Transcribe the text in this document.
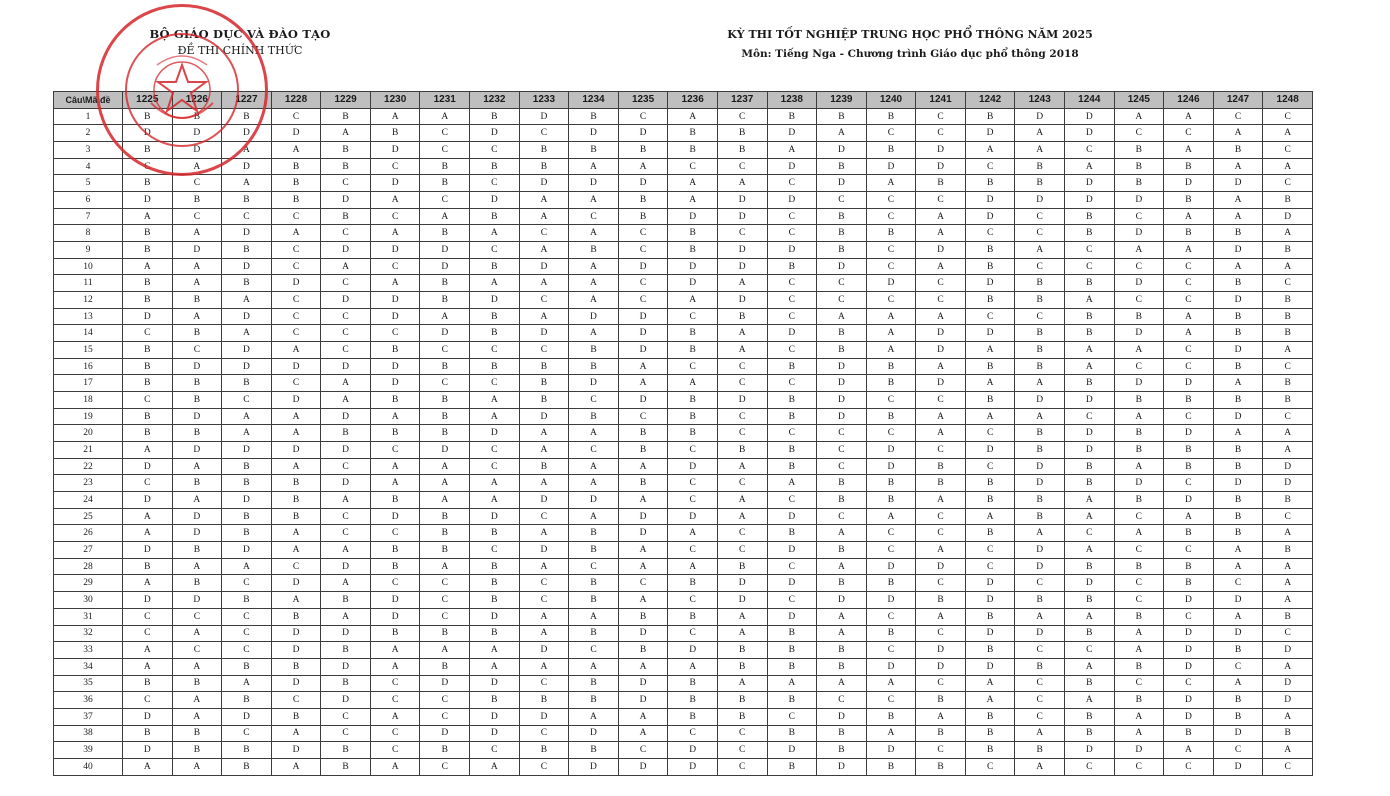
BỘ GIÁO DỤC VÀ ĐÀO TẠO
ĐỀ THI CHÍNH THỨC
KỲ THI TỐT NGHIỆP TRUNG HỌC PHỔ THÔNG NĂM 2025
Môn: Tiếng Nga - Chương trình Giáo dục phổ thông 2018
Câu\Mã đề	1225	1226	1227	1228	1229	1230	1231	1232	1233	1234	1235	1236	1237	1238	1239	1240	1241	1242	1243	1244	1245	1246	1247	1248
1	B	B	B	C	B	A	A	B	D	B	C	A	C	B	B	B	C	B	D	D	A	A	C	C
2	D	D	D	D	A	B	C	D	C	D	D	B	B	D	A	C	C	D	A	D	C	C	A	A
3	B	D	A	A	B	D	C	C	B	B	B	B	B	A	D	B	D	A	A	C	B	A	B	C
4	C	A	D	B	B	C	B	B	B	A	A	C	C	D	B	D	D	C	B	A	B	B	A	A
5	B	C	A	B	C	D	B	C	D	D	D	A	A	C	D	A	B	B	B	D	B	D	D	C
6	D	B	B	B	D	A	C	D	A	A	B	A	D	D	C	C	C	D	D	D	D	B	A	B
7	A	C	C	C	B	C	A	B	A	C	B	D	D	C	B	C	A	D	C	B	C	A	A	D
8	B	A	D	A	C	A	B	A	C	A	C	B	C	C	B	B	A	C	C	B	D	B	B	A
9	B	D	B	C	D	D	D	C	A	B	C	B	D	D	B	C	D	B	A	C	A	A	D	B
10	A	A	D	C	A	C	D	B	D	A	D	D	D	B	D	C	A	B	C	C	C	C	A	A
11	B	A	B	D	C	A	B	A	A	A	C	D	A	C	C	D	C	D	B	B	D	C	B	C
12	B	B	A	C	D	D	B	D	C	A	C	A	D	C	C	C	C	B	B	A	C	C	D	B
13	D	A	D	C	C	D	A	B	A	D	D	C	B	C	A	A	A	C	C	B	B	A	B	B
14	C	B	A	C	C	C	D	B	D	A	D	B	A	D	B	A	D	D	B	B	D	A	B	B
15	B	C	D	A	C	B	C	C	C	B	D	B	A	C	B	A	D	A	B	A	A	C	D	A
16	B	D	D	D	D	D	B	B	B	B	A	C	C	B	D	B	A	B	B	A	C	C	B	C
17	B	B	B	C	A	D	C	C	B	D	A	A	C	C	D	B	D	A	A	B	D	D	A	B
18	C	B	C	D	A	B	B	A	B	C	D	B	D	B	D	C	C	B	D	D	B	B	B	B
19	B	D	A	A	D	A	B	A	D	B	C	B	C	B	D	B	A	A	A	C	A	C	D	C
20	B	B	A	A	B	B	B	D	A	A	B	B	C	C	C	C	A	C	B	D	B	D	A	A
21	A	D	D	D	D	C	D	C	A	C	B	C	B	B	C	D	C	D	B	D	B	B	B	A
22	D	A	B	A	C	A	A	C	B	A	A	D	A	B	C	D	B	C	D	B	A	B	B	D
23	C	B	B	B	D	A	A	A	A	A	B	C	C	A	B	B	B	B	D	B	D	C	D	D
24	D	A	D	B	A	B	A	A	D	D	A	C	A	C	B	B	A	B	B	A	B	D	B	B
25	A	D	B	B	C	D	B	D	C	A	D	D	A	D	C	A	C	A	B	A	C	A	B	C
26	A	D	B	A	C	C	B	B	A	B	D	A	C	B	A	C	C	B	A	C	A	B	B	A
27	D	B	D	A	A	B	B	C	D	B	A	C	C	D	B	C	A	C	D	A	C	C	A	B
28	B	A	A	C	D	B	A	B	A	C	A	A	B	C	A	D	D	C	D	B	B	B	A	A
29	A	B	C	D	A	C	C	B	C	B	C	B	D	D	B	B	C	D	C	D	C	B	C	A
30	D	D	B	A	B	D	C	B	C	B	A	C	D	C	D	D	B	D	B	B	C	D	D	A
31	C	C	C	B	A	D	C	D	A	A	B	B	A	D	A	C	A	B	A	A	B	C	A	B
32	C	A	C	D	D	B	B	B	A	B	D	C	A	B	A	B	C	D	D	B	A	D	D	C
33	A	C	C	D	B	A	A	A	D	C	B	D	B	B	B	C	D	B	C	C	A	D	B	D
34	A	A	B	B	D	A	B	A	A	A	A	A	B	B	B	D	D	D	B	A	B	D	C	A
35	B	B	A	D	B	C	D	D	C	B	D	B	A	A	A	A	C	A	C	B	C	C	A	D
36	C	A	B	C	D	C	C	B	B	B	D	B	B	B	C	C	B	A	C	A	B	D	B	D
37	D	A	D	B	C	A	C	D	D	A	A	B	B	C	D	B	A	B	C	B	A	D	B	A
38	B	B	C	A	C	C	D	D	C	D	A	C	C	B	B	A	B	B	A	B	A	B	D	B
39	D	B	B	D	B	C	B	C	B	B	C	D	C	D	B	D	C	B	B	D	D	A	C	A
40	A	A	B	A	B	A	C	A	C	D	D	D	C	B	D	B	B	C	A	C	C	C	D	C
